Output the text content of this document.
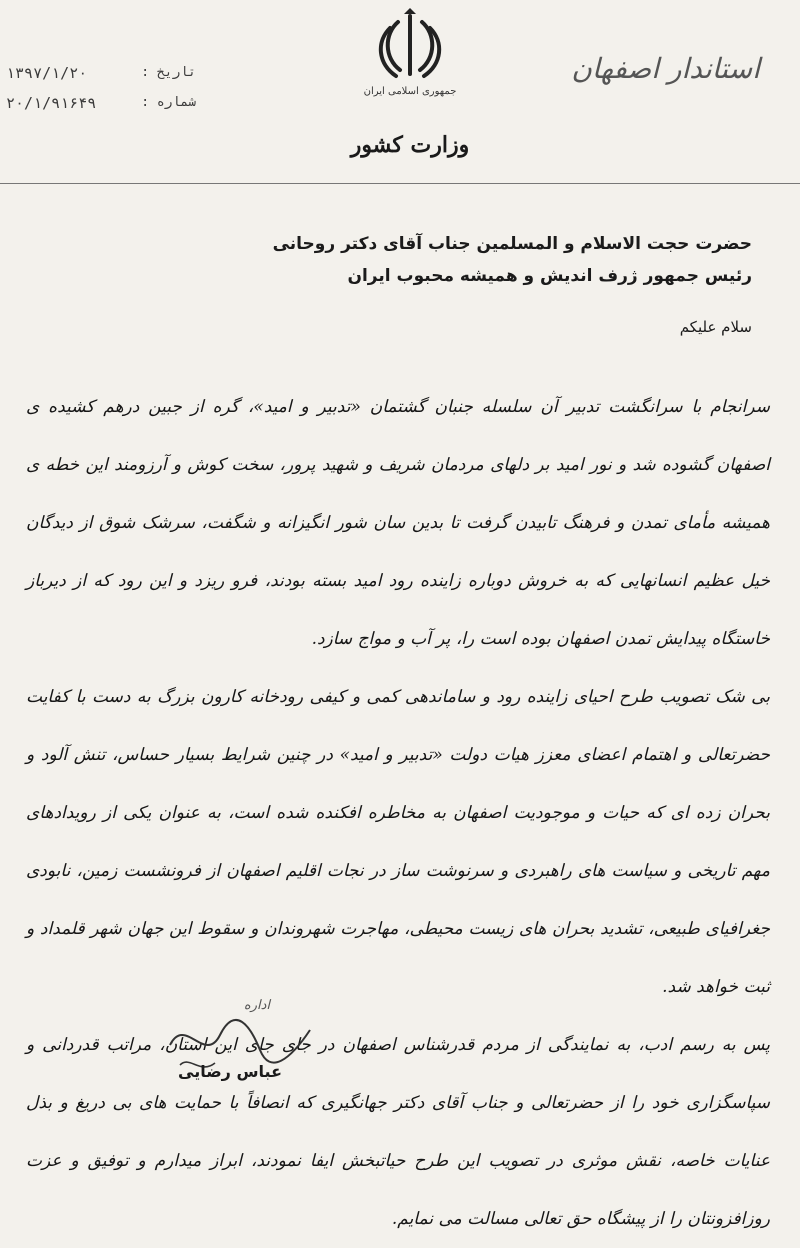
۱۳۹۷/۱/۲۰	تاریخ :
۲۰/۱/۹۱۶۴۹	شماره :
جمهوری اسلامی ایران
وزارت کشور
استاندار اصفهان
حضرت حجت الاسلام و المسلمین جناب آقای دکتر روحانی
رئیس جمهور ژرف اندیش و همیشه محبوب ایران
سلام علیکم

سرانجام با سرانگشت تدبیر آن سلسله جنبان گشتمان «تدبیر و امید»، گره از جبین درهم کشیده ی اصفهان گشوده شد و نور امید بر دلهای مردمان شریف و شهید پرور، سخت کوش و آرزومند این خطه ی همیشه مأمای تمدن و فرهنگ تابیدن گرفت تا بدین سان شور انگیزانه و شگفت، سرشک شوق از دیدگان خیل عظیم انسانهایی که به خروش دوباره زاینده رود امید بسته بودند، فرو ریزد و این رود که از دیرباز خاستگاه پیدایش تمدن اصفهان بوده است را، پر آب و مواج سازد.

بی شک تصویب طرح احیای زاینده رود و ساماندهی کمی و کیفی رودخانه کارون بزرگ به دست با کفایت حضرتعالی و اهتمام اعضای معزز هیات دولت «تدبیر و امید» در چنین شرایط بسیار حساس، تنش آلود و بحران زده ای که حیات و موجودیت اصفهان به مخاطره افکنده شده است، به عنوان یکی از رویدادهای مهم تاریخی و سیاست های راهبردی و سرنوشت ساز در نجات اقلیم اصفهان از فرونشست زمین، نابودی جغرافیای طبیعی، تشدید بحران های زیست محیطی، مهاجرت شهروندان و سقوط این جهان شهر قلمداد و ثبت خواهد شد.

پس به رسم ادب، به نمایندگی از مردم قدرشناس اصفهان در جای جای این استان، مراتب قدردانی و سپاسگزاری خود را از حضرتعالی و جناب آقای دکتر جهانگیری که انصافاً با حمایت های بی دریغ و بذل عنایات خاصه، نقش موثری در تصویب این طرح حیاتبخش ایفا نمودند، ابراز میدارم و توفیق و عزت روزافزونتان را از پیشگاه حق تعالی مسالت می نمایم.

اداره
عباس رضایی
